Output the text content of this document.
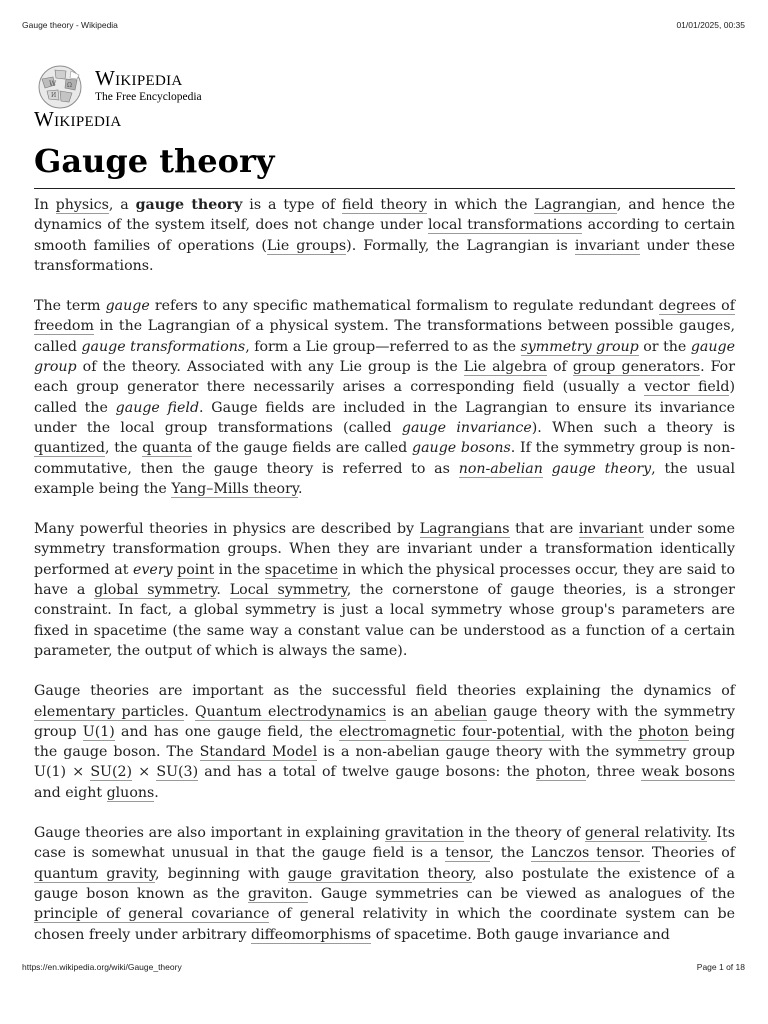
Gauge theory - Wikipedia	01/01/2025, 00:35
W Ω
И
Wikipedia
The Free Encyclopedia
Wikipedia
Gauge theory

In physics, a gauge theory is a type of field theory in which the Lagrangian, and hence the dynamics of the system itself, does not change under local transformations according to certain smooth families of operations (Lie groups). Formally, the Lagrangian is invariant under these transformations.

The term gauge refers to any specific mathematical formalism to regulate redundant degrees of freedom in the Lagrangian of a physical system. The transformations between possible gauges, called gauge transformations, form a Lie group—referred to as the symmetry group or the gauge group of the theory. Associated with any Lie group is the Lie algebra of group generators. For each group generator there necessarily arises a corresponding field (usually a vector field) called the gauge field. Gauge fields are included in the Lagrangian to ensure its invariance under the local group transformations (called gauge invariance). When such a theory is quantized, the quanta of the gauge fields are called gauge bosons. If the symmetry group is non-commutative, then the gauge theory is referred to as non-abelian gauge theory, the usual example being the Yang–Mills theory.

Many powerful theories in physics are described by Lagrangians that are invariant under some symmetry transformation groups. When they are invariant under a transformation identically performed at every point in the spacetime in which the physical processes occur, they are said to have a global symmetry. Local symmetry, the cornerstone of gauge theories, is a stronger constraint. In fact, a global symmetry is just a local symmetry whose group's parameters are fixed in spacetime (the same way a constant value can be understood as a function of a certain parameter, the output of which is always the same).

Gauge theories are important as the successful field theories explaining the dynamics of elementary particles. Quantum electrodynamics is an abelian gauge theory with the symmetry group U(1) and has one gauge field, the electromagnetic four-potential, with the photon being the gauge boson. The Standard Model is a non-abelian gauge theory with the symmetry group U(1) × SU(2) × SU(3) and has a total of twelve gauge bosons: the photon, three weak bosons and eight gluons.

Gauge theories are also important in explaining gravitation in the theory of general relativity. Its case is somewhat unusual in that the gauge field is a tensor, the Lanczos tensor. Theories of quantum gravity, beginning with gauge gravitation theory, also postulate the existence of a gauge boson known as the graviton. Gauge symmetries can be viewed as analogues of the principle of general covariance of general relativity in which the coordinate system can be chosen freely under arbitrary diffeomorphisms of spacetime. Both gauge invariance and

https://en.wikipedia.org/wiki/Gauge_theory	Page 1 of 18
